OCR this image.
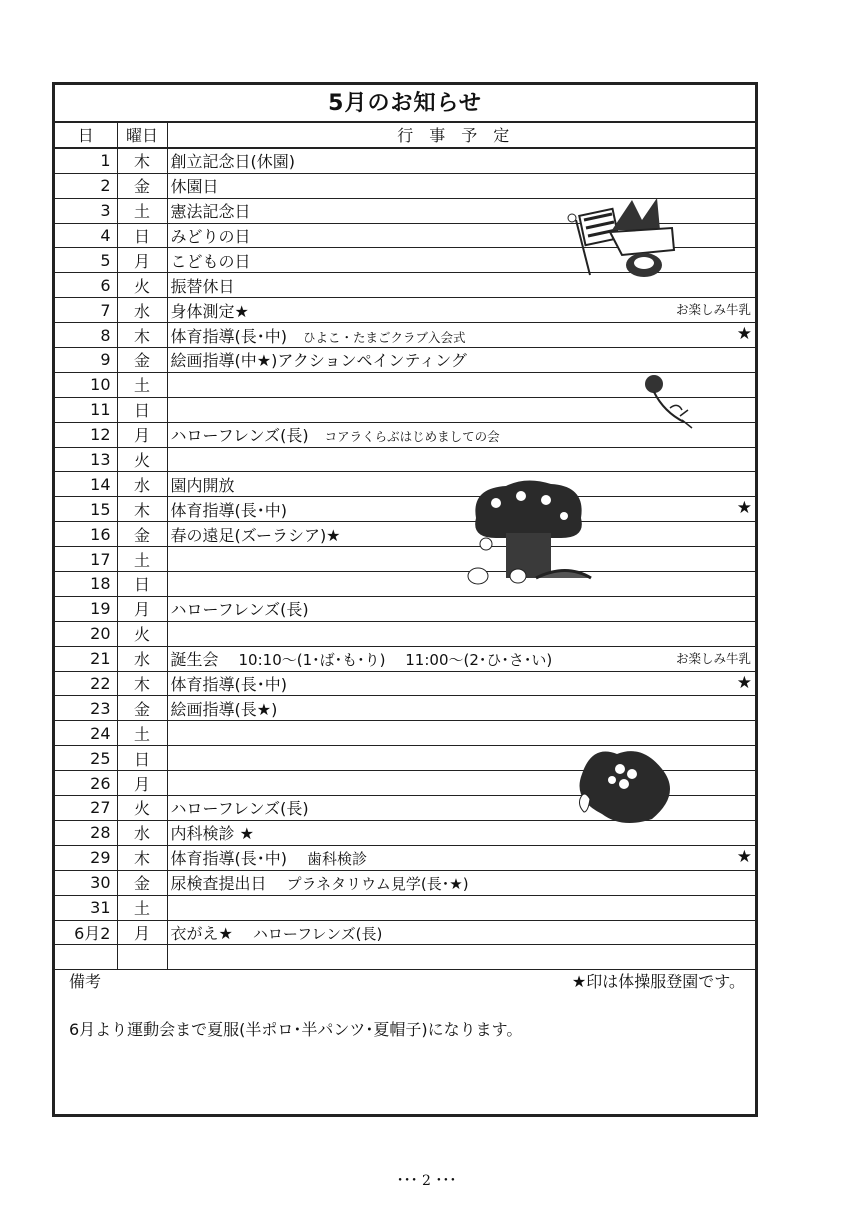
5月のお知らせ
日	曜日	行事予定
1	木	創立記念日(休園)

2	金	休園日

3	土	憲法記念日

4	日	みどりの日

5	月	こどもの日

6	火	振替休日

7	水	身体測定★ お楽しみ牛乳

8	木	体育指導(長･中) ひよこ・たまごクラブ入会式 ★

9	金	絵画指導(中★)アクションペインティング

10	土	

11	日	

12	月	ハローフレンズ(長) コアラくらぶはじめましての会

13	火	

14	水	園内開放

15	木	体育指導(長･中) ★

16	金	春の遠足(ズーラシア)★

17	土	

18	日	

19	月	ハローフレンズ(長)

20	火	

21	水	誕生会 10:10～(1･ば･も･り)　 11:00～(2･ひ･さ･い) お楽しみ牛乳

22	木	体育指導(長･中) ★

23	金	絵画指導(長★)

24	土	

25	日	

26	月	

27	火	ハローフレンズ(長)

28	水	内科検診 ★

29	木	体育指導(長･中) 歯科検診 ★

30	金	尿検査提出日 プラネタリウム見学(長･★)

31	土	

6月2	月	衣がえ★ ハローフレンズ(長)

備考	★印は体操服登園です。
6月より運動会まで夏服(半ポロ･半パンツ･夏帽子)になります。
･･･ 2 ･･･
